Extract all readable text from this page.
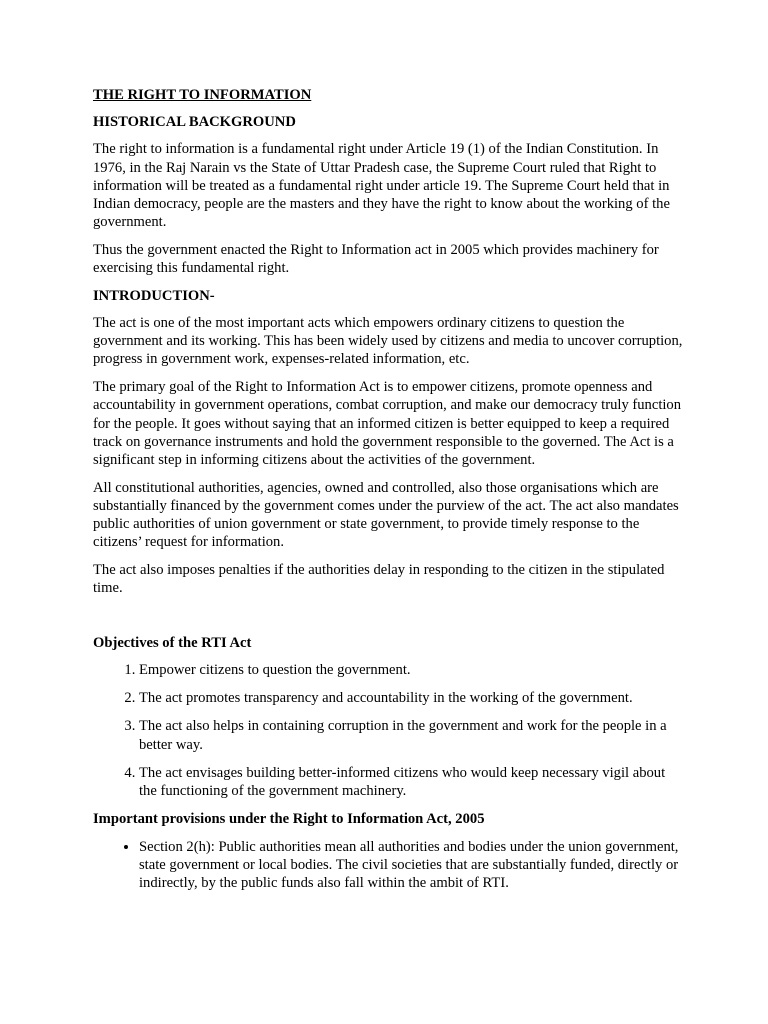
THE RIGHT TO INFORMATION
HISTORICAL BACKGROUND

The right to information is a fundamental right under Article 19 (1) of the Indian Constitution. In 1976, in the Raj Narain vs the State of Uttar Pradesh case, the Supreme Court ruled that Right to information will be treated as a fundamental right under article 19. The Supreme Court held that in Indian democracy, people are the masters and they have the right to know about the working of the government.

Thus the government enacted the Right to Information act in 2005 which provides machinery for exercising this fundamental right.

INTRODUCTION-

The act is one of the most important acts which empowers ordinary citizens to question the government and its working. This has been widely used by citizens and media to uncover corruption, progress in government work, expenses-related information, etc.

The primary goal of the Right to Information Act is to empower citizens, promote openness and accountability in government operations, combat corruption, and make our democracy truly function for the people. It goes without saying that an informed citizen is better equipped to keep a required track on governance instruments and hold the government responsible to the governed. The Act is a significant step in informing citizens about the activities of the government.

All constitutional authorities, agencies, owned and controlled, also those organisations which are substantially financed by the government comes under the purview of the act. The act also mandates public authorities of union government or state government, to provide timely response to the citizens’ request for information.

The act also imposes penalties if the authorities delay in responding to the citizen in the stipulated time.

Objectives of the RTI Act
1. Empower citizens to question the government.
2. The act promotes transparency and accountability in the working of the government.
3. The act also helps in containing corruption in the government and work for the people in a better way.
4. The act envisages building better-informed citizens who would keep necessary vigil about the functioning of the government machinery.
Important provisions under the Right to Information Act, 2005
• Section 2(h): Public authorities mean all authorities and bodies under the union government, state government or local bodies. The civil societies that are substantially funded, directly or indirectly, by the public funds also fall within the ambit of RTI.
